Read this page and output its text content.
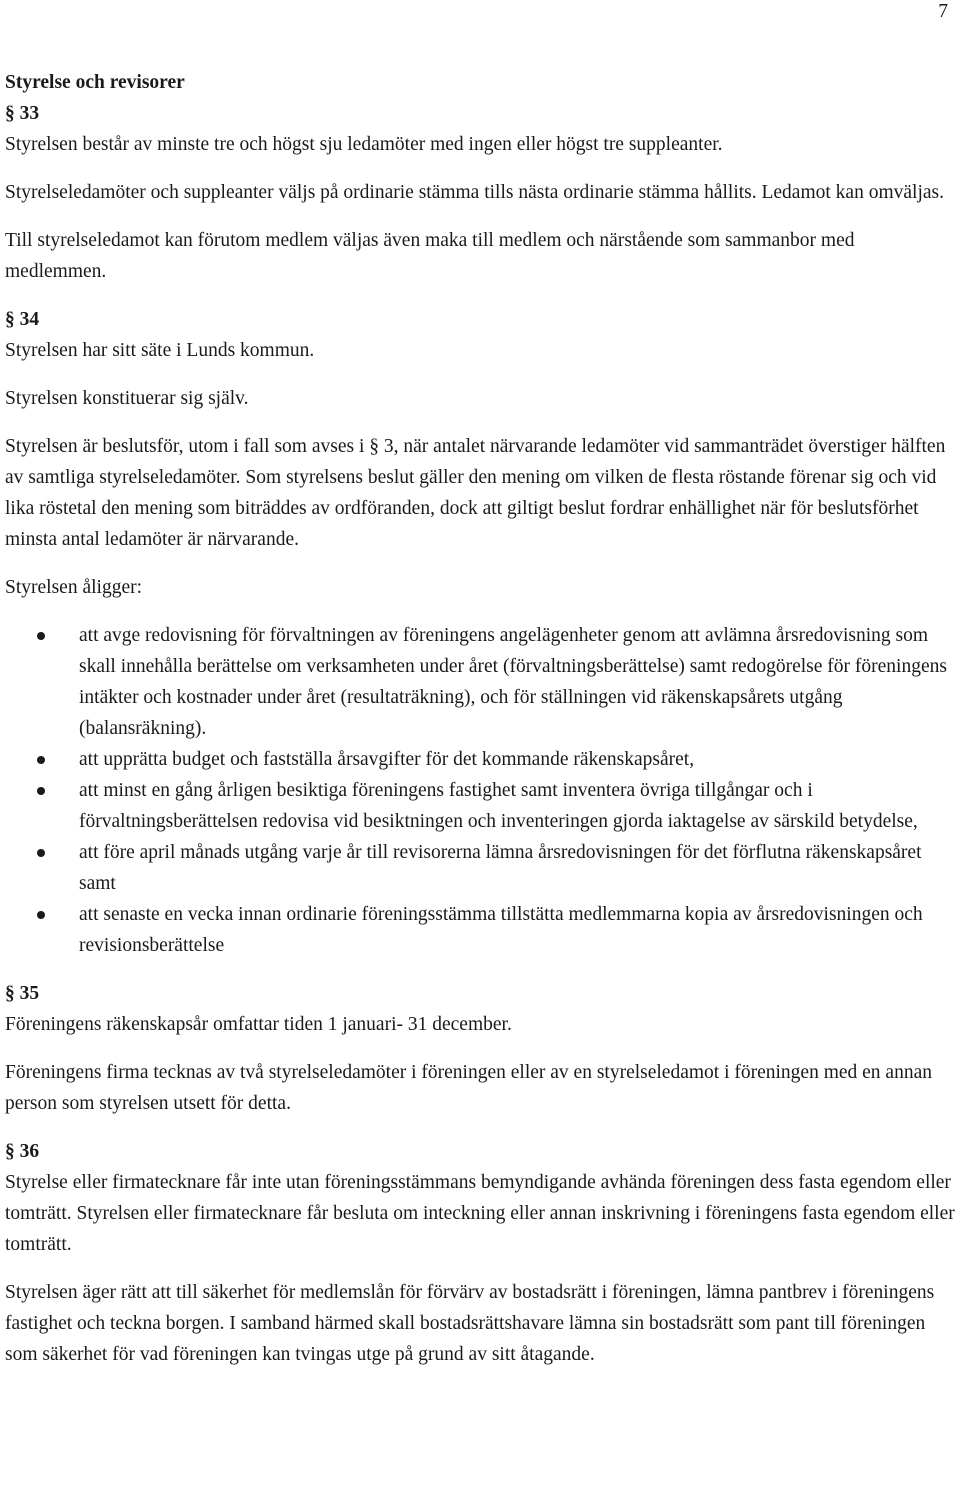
7

Styrelse och revisorer

§ 33

Styrelsen består av minste tre och högst sju ledamöter med ingen eller högst tre suppleanter.

Styrelseledamöter och suppleanter väljs på ordinarie stämma tills nästa ordinarie stämma hållits. Ledamot kan omväljas.

Till styrelseledamot kan förutom medlem väljas även maka till medlem och närstående som sammanbor med medlemmen.

§ 34

Styrelsen har sitt säte i Lunds kommun.

Styrelsen konstituerar sig själv.

Styrelsen är beslutsför, utom i fall som avses i § 3, när antalet närvarande ledamöter vid sammanträdet överstiger hälften av samtliga styrelseledamöter. Som styrelsens beslut gäller den mening om vilken de flesta röstande förenar sig och vid lika röstetal den mening som biträddes av ordföranden, dock att giltigt beslut fordrar enhällighet när för beslutsförhet minsta antal ledamöter är närvarande.

Styrelsen åligger:

att avge redovisning för förvaltningen av föreningens angelägenheter genom att avlämna årsredovisning som skall innehålla berättelse om verksamheten under året (förvaltningsberättelse) samt redogörelse för föreningens intäkter och kostnader under året (resultaträkning), och för ställningen vid räkenskapsårets utgång (balansräkning).
att upprätta budget och fastställa årsavgifter för det kommande räkenskapsåret,
att minst en gång årligen besiktiga föreningens fastighet samt inventera övriga tillgångar och i förvaltningsberättelsen redovisa vid besiktningen och inventeringen gjorda iaktagelse av särskild betydelse,
att före april månads utgång varje år till revisorerna lämna årsredovisningen för det förflutna räkenskapsåret samt
att senaste en vecka innan ordinarie föreningsstämma tillstätta medlemmarna kopia av årsredovisningen och revisionsberättelse

§ 35

Föreningens räkenskapsår omfattar tiden 1 januari- 31 december.

Föreningens firma tecknas av två styrelseledamöter i föreningen eller av en styrelseledamot i föreningen med en annan person som styrelsen utsett för detta.

§ 36

Styrelse eller firmatecknare får inte utan föreningsstämmans bemyndigande avhända föreningen dess fasta egendom eller tomträtt. Styrelsen eller firmatecknare får besluta om inteckning eller annan inskrivning i föreningens fasta egendom eller tomträtt.

Styrelsen äger rätt att till säkerhet för medlemslån för förvärv av bostadsrätt i föreningen, lämna pantbrev i föreningens fastighet och teckna borgen. I samband härmed skall bostadsrättshavare lämna sin bostadsrätt som pant till föreningen som säkerhet för vad föreningen kan tvingas utge på grund av sitt åtagande.
